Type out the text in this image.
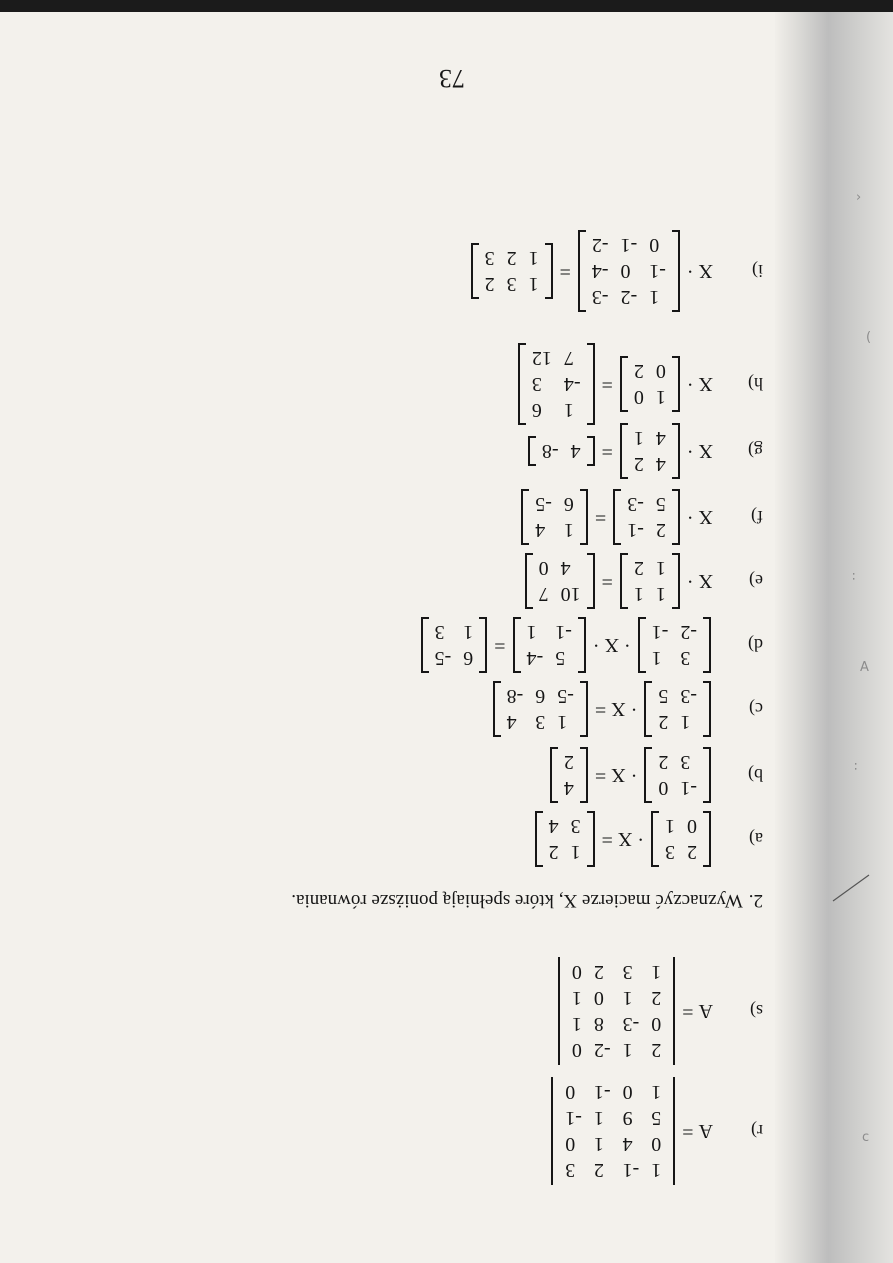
›
(
∶
A
∶
ϲ
73
r)
A
=
1
0
5
1
-1
4
9
0
2
1
1
-1
3
0
-1
0
s)
A
=
2
0
2
1
1
-3
1
3
-2
8
0
2
0
1
1
0
2.Wyznaczyć macierze X, które spełniają poniższe równania.
a)
2
0
3
1
·
X
=
1
3
2
4
b)
-1
3
0
2
·
X
=
4
2
c)
1
-3
2
5
·
X
=
1
-5
3
6
4
-8
d)
3
-2
1
-1
·
X
·
5
-1
-4
1
=
6
1
-5
3
e)
X
·
1
1
1
2
=
10
4
7
0
f)
X
·
2
5
-1
-3
=
1
6
4
-5
g)
X
·
4
4
2
1
=
4
-8
h)
X
·
1
0
0
2
=
1
-4
7
6
3
12
i)
X
·
1
-1
0
-2
0
-1
-3
-4
-2
=
1
1
3
2
2
3
